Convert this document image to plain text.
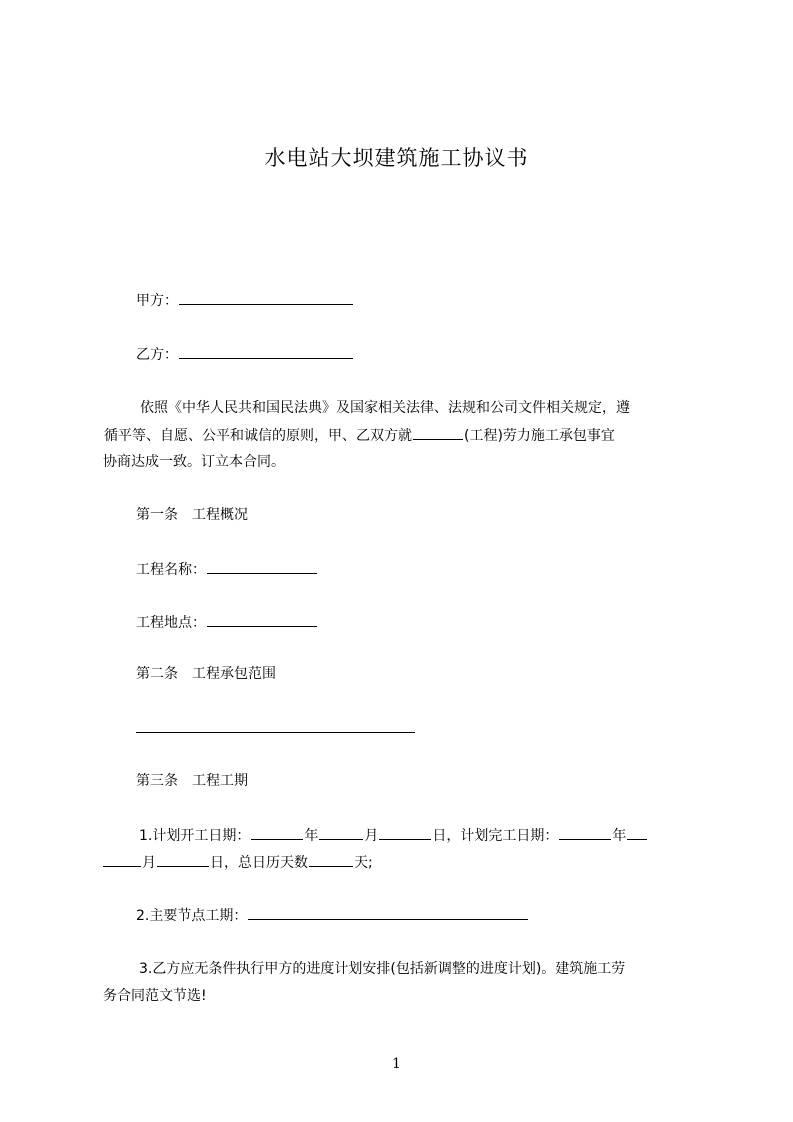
水电站大坝建筑施工协议书
甲方：
乙方：
依照《中华人民共和国民法典》及国家相关法律、法规和公司文件相关规定，遵
循平等、自愿、公平和诚信的原则，甲、乙双方就	(工程)劳力施工承包事宜
协商达成一致。订立本合同。
第一条　工程概况
工程名称：
工程地点：
第二条　工程承包范围
第三条　工程工期
1.计划开工日期：	年	月	日，计划完工日期：	年
月	日，总日历天数	天;
2.主要节点工期：
3.乙方应无条件执行甲方的进度计划安排(包括新调整的进度计划)。建筑施工劳
务合同范文节选!
1
